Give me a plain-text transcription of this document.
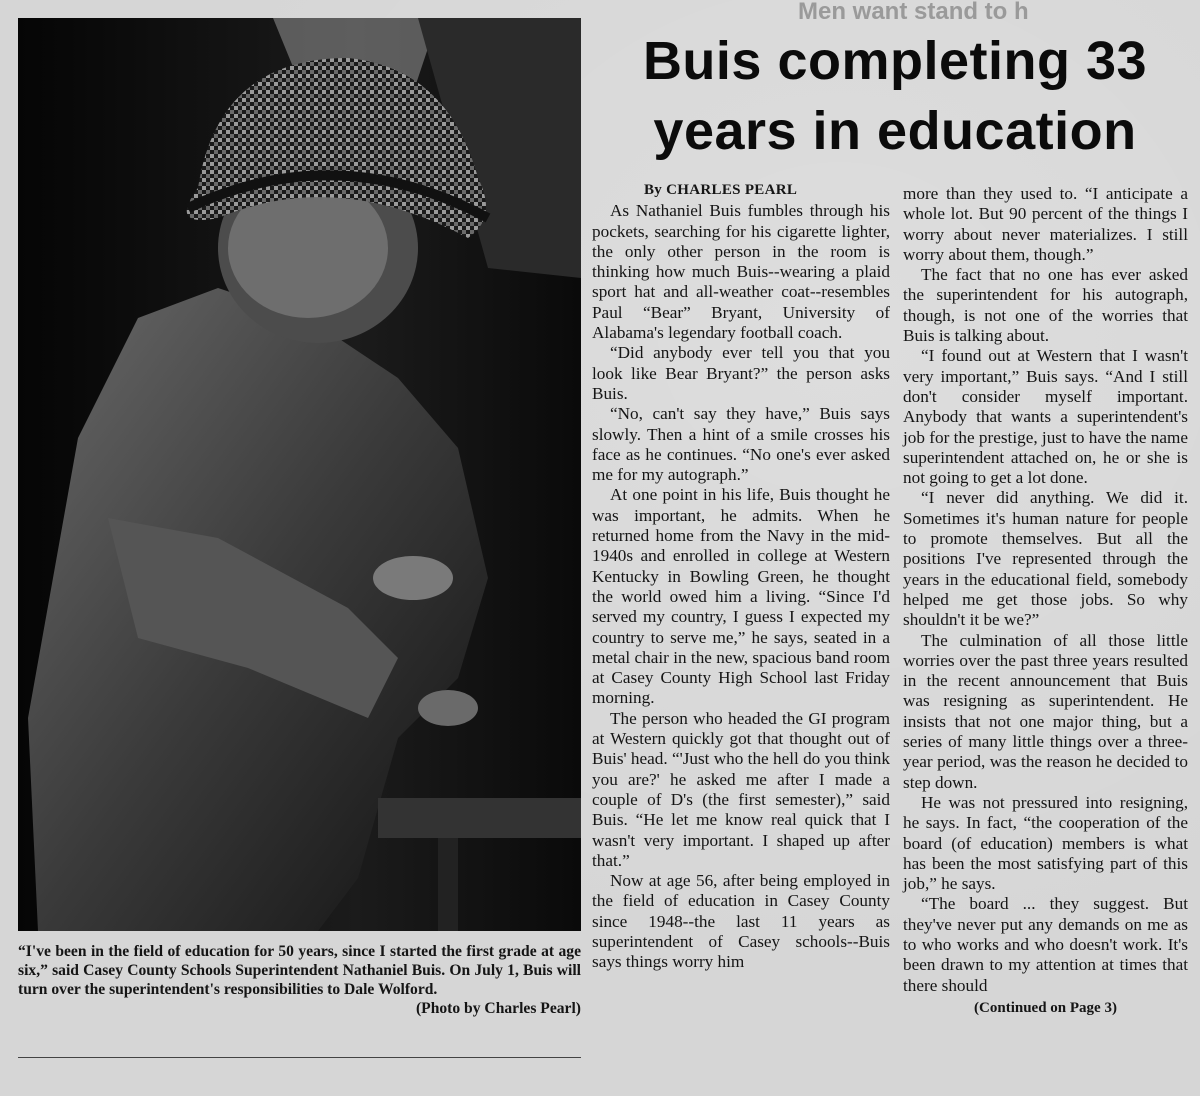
Men want stand to h
“I've been in the field of education for 50 years, since I started the first grade at age six,” said Casey County Schools Superintendent Nathaniel Buis. On July 1, Buis will turn over the superintendent's responsibilities to Dale Wolford.
(Photo by Charles Pearl)
Buis completing 33 years in education
By CHARLES PEARL

As Nathaniel Buis fumbles through his pockets, searching for his cigarette lighter, the only other person in the room is thinking how much Buis--wearing a plaid sport hat and all-weather coat--resembles Paul “Bear” Bryant, University of Alabama's legendary football coach.

“Did anybody ever tell you that you look like Bear Bryant?” the person asks Buis.

“No, can't say they have,” Buis says slowly. Then a hint of a smile crosses his face as he continues. “No one's ever asked me for my autograph.”

At one point in his life, Buis thought he was important, he admits. When he returned home from the Navy in the mid-1940s and enrolled in college at Western Kentucky in Bowling Green, he thought the world owed him a living. “Since I'd served my country, I guess I expected my country to serve me,” he says, seated in a metal chair in the new, spacious band room at Casey County High School last Friday morning.

The person who headed the GI program at Western quickly got that thought out of Buis' head. “'Just who the hell do you think you are?' he asked me after I made a couple of D's (the first semester),” said Buis. “He let me know real quick that I wasn't very important. I shaped up after that.”

Now at age 56, after being employed in the field of education in Casey County since 1948--the last 11 years as superintendent of Casey schools--Buis says things worry him

more than they used to. “I anticipate a whole lot. But 90 percent of the things I worry about never materializes. I still worry about them, though.”

The fact that no one has ever asked the superintendent for his autograph, though, is not one of the worries that Buis is talking about.

“I found out at Western that I wasn't very important,” Buis says. “And I still don't consider myself important. Anybody that wants a superintendent's job for the prestige, just to have the name superintendent attached on, he or she is not going to get a lot done.

“I never did anything. We did it. Sometimes it's human nature for people to promote themselves. But all the positions I've represented through the years in the educational field, somebody helped me get those jobs. So why shouldn't it be we?”

The culmination of all those little worries over the past three years resulted in the recent announcement that Buis was resigning as superintendent. He insists that not one major thing, but a series of many little things over a three-year period, was the reason he decided to step down.

He was not pressured into resigning, he says. In fact, “the cooperation of the board (of education) members is what has been the most satisfying part of this job,” he says.

“The board ... they suggest. But they've never put any demands on me as to who works and who doesn't work. It's been drawn to my attention at times that there should

(Continued on Page 3)
